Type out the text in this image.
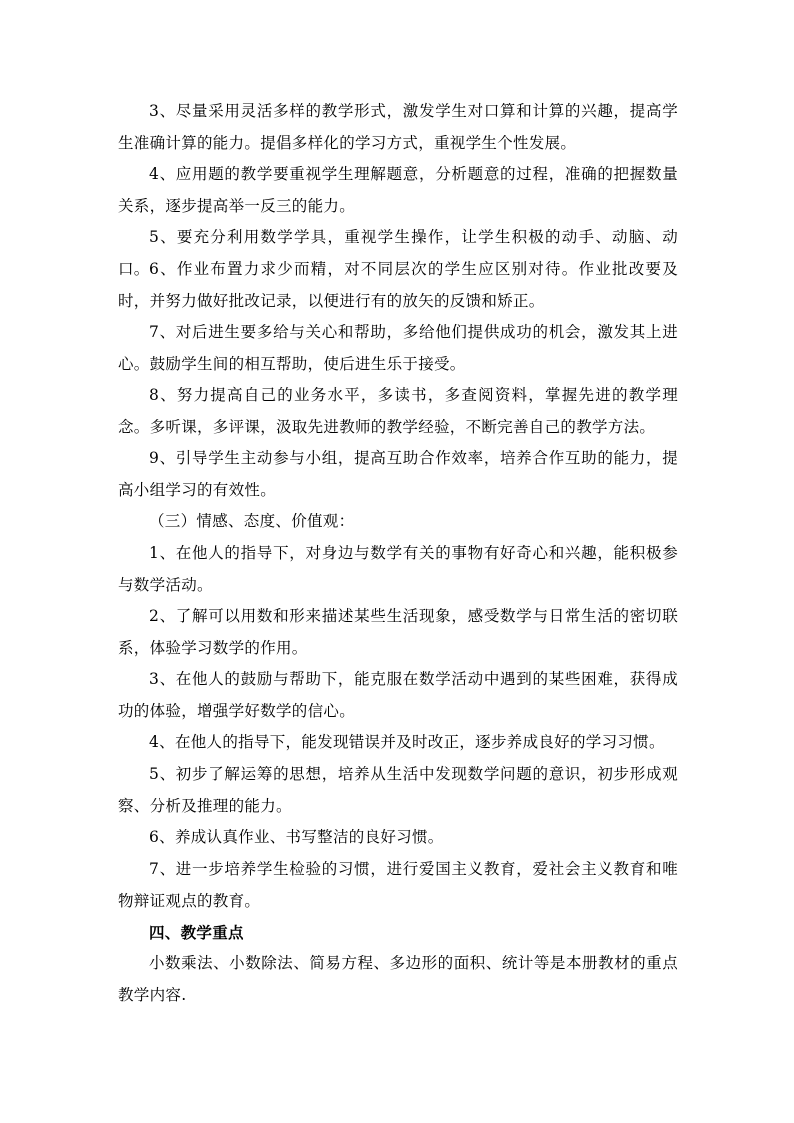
3、尽量采用灵活多样的教学形式，激发学生对口算和计算的兴趣，提高学生准确计算的能力。提倡多样化的学习方式，重视学生个性发展。

4、应用题的教学要重视学生理解题意，分析题意的过程，准确的把握数量关系，逐步提高举一反三的能力。

5、要充分利用数学学具，重视学生操作，让学生积极的动手、动脑、动口。 6、作业布置力求少而精，对不同层次的学生应区别对待。作业批改要及时，并努力做好批改记录，以便进行有的放矢的反馈和矫正。

7、对后进生要多给与关心和帮助，多给他们提供成功的机会，激发其上进心。鼓励学生间的相互帮助，使后进生乐于接受。

8、努力提高自己的业务水平，多读书，多查阅资料，掌握先进的教学理念。多听课，多评课，汲取先进教师的教学经验，不断完善自己的教学方法。

9、引导学生主动参与小组，提高互助合作效率，培养合作互助的能力，提高小组学习的有效性。

（三）情感、态度、价值观：

1、在他人的指导下，对身边与数学有关的事物有好奇心和兴趣，能积极参与数学活动。

2、了解可以用数和形来描述某些生活现象，感受数学与日常生活的密切联系，体验学习数学的作用。

3、在他人的鼓励与帮助下，能克服在数学活动中遇到的某些困难，获得成功的体验，增强学好数学的信心。

4、在他人的指导下，能发现错误并及时改正，逐步养成良好的学习习惯。

5、初步了解运筹的思想，培养从生活中发现数学问题的意识，初步形成观察、分析及推理的能力。

6、养成认真作业、书写整洁的良好习惯。

7、进一步培养学生检验的习惯，进行爱国主义教育，爱社会主义教育和唯物辩证观点的教育。

四、教学重点

小数乘法、小数除法、简易方程、多边形的面积、统计等是本册教材的重点教学内容.
